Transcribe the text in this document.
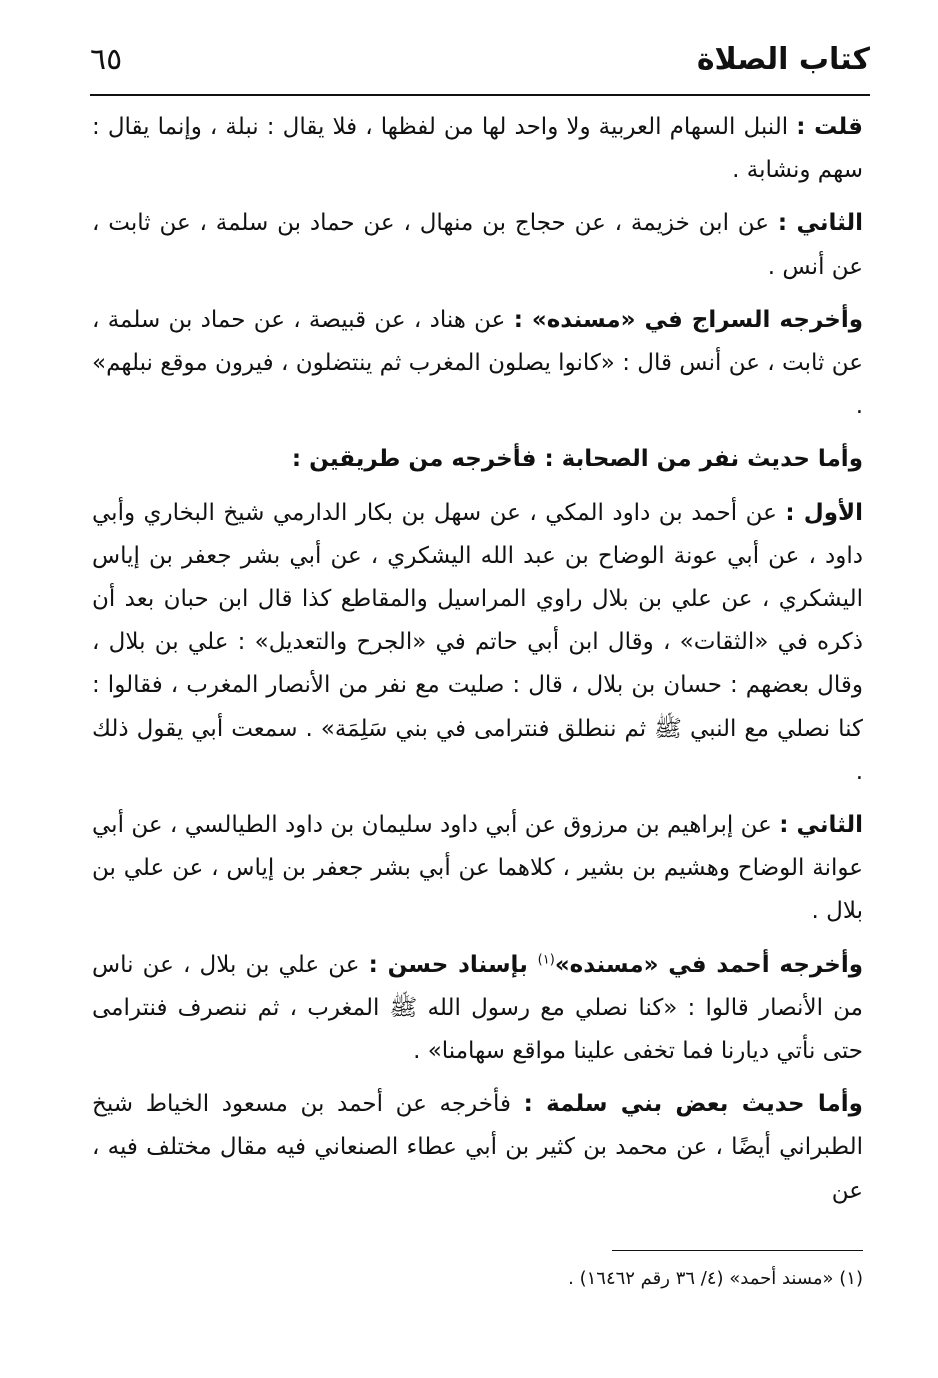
كتاب الصلاة
٦٥

قلت : النبل السهام العربية ولا واحد لها من لفظها ، فلا يقال : نبلة ، وإنما يقال : سهم ونشابة .

الثاني : عن ابن خزيمة ، عن حجاج بن منهال ، عن حماد بن سلمة ، عن ثابت ، عن أنس .

وأخرجه السراج في «مسنده» : عن هناد ، عن قبيصة ، عن حماد بن سلمة ، عن ثابت ، عن أنس قال : «كانوا يصلون المغرب ثم ينتضلون ، فيرون موقع نبلهم» .

وأما حديث نفر من الصحابة : فأخرجه من طريقين :

الأول : عن أحمد بن داود المكي ، عن سهل بن بكار الدارمي شيخ البخاري وأبي داود ، عن أبي عونة الوضاح بن عبد الله اليشكري ، عن أبي بشر جعفر بن إياس اليشكري ، عن علي بن بلال راوي المراسيل والمقاطع كذا قال ابن حبان بعد أن ذكره في «الثقات» ، وقال ابن أبي حاتم في «الجرح والتعديل» : علي بن بلال ، وقال بعضهم : حسان بن بلال ، قال : صليت مع نفر من الأنصار المغرب ، فقالوا : كنا نصلي مع النبي ﷺ ثم ننطلق فنترامى في بني سَلِمَة» . سمعت أبي يقول ذلك .

الثاني : عن إبراهيم بن مرزوق عن أبي داود سليمان بن داود الطيالسي ، عن أبي عوانة الوضاح وهشيم بن بشير ، كلاهما عن أبي بشر جعفر بن إياس ، عن علي بن بلال .

وأخرجه أحمد في «مسنده»$^{(١)}$ بإسناد حسن : عن علي بن بلال ، عن ناس من الأنصار قالوا : «كنا نصلي مع رسول الله ﷺ المغرب ، ثم ننصرف فنترامى حتى نأتي ديارنا فما تخفى علينا مواقع سهامنا» .

وأما حديث بعض بني سلمة : فأخرجه عن أحمد بن مسعود الخياط شيخ الطبراني أيضًا ، عن محمد بن كثير بن أبي عطاء الصنعاني فيه مقال مختلف فيه ، عن

(١) «مسند أحمد» (٤/ ٣٦ رقم ١٦٤٦٢) .
